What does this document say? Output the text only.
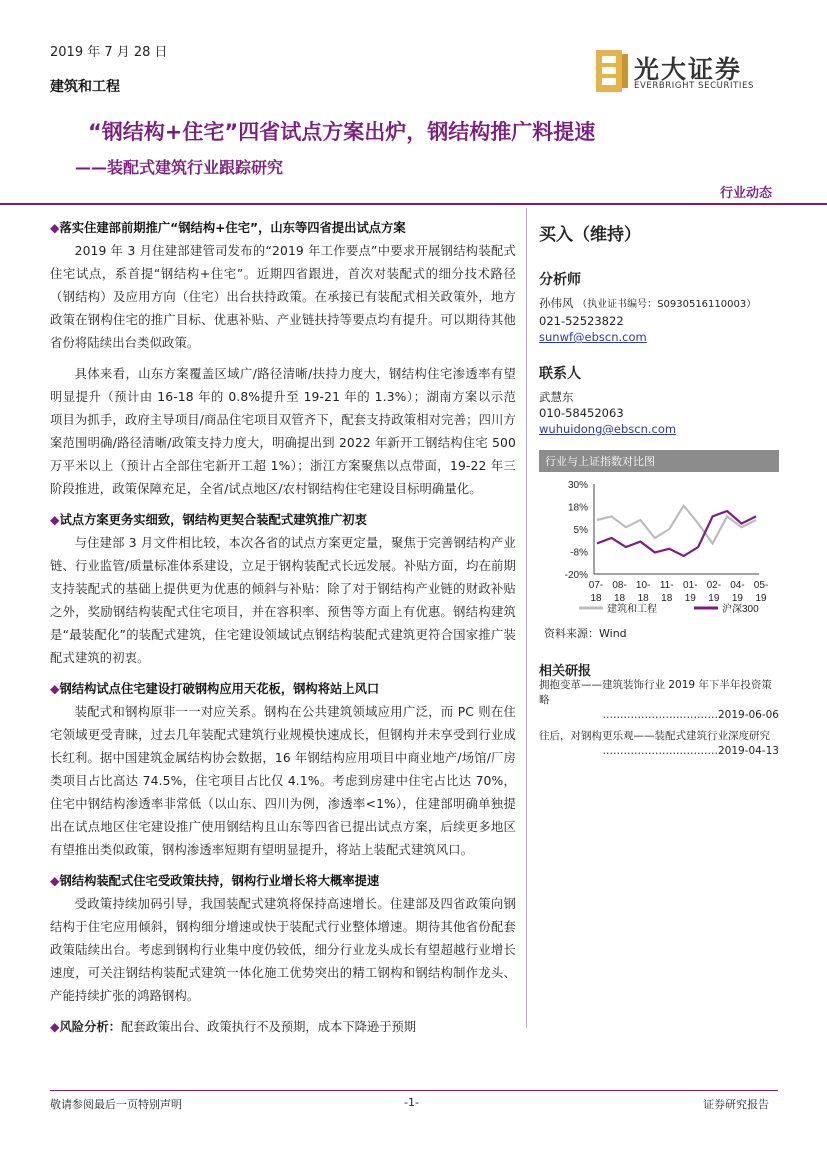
2019 年 7 月 28 日
建筑和工程
光大证券
EVERBRIGHT SECURITIES
“钢结构+住宅”四省试点方案出炉，钢结构推广料提速
——装配式建筑行业跟踪研究
行业动态

◆落实住建部前期推广“钢结构+住宅”，山东等四省提出试点方案

2019 年 3 月住建部建管司发布的“2019 年工作要点”中要求开展钢结构装配式住宅试点，系首提“钢结构+住宅”。近期四省跟进，首次对装配式的细分技术路径（钢结构）及应用方向（住宅）出台扶持政策。在承接已有装配式相关政策外，地方政策在钢构住宅的推广目标、优惠补贴、产业链扶持等要点均有提升。可以期待其他省份将陆续出台类似政策。

具体来看，山东方案覆盖区域广/路径清晰/扶持力度大，钢结构住宅渗透率有望明显提升（预计由 16-18 年的 0.8%提升至 19-21 年的 1.3%）；湖南方案以示范项目为抓手，政府主导项目/商品住宅项目双管齐下，配套支持政策相对完善；四川方案范围明确/路径清晰/政策支持力度大，明确提出到 2022 年新开工钢结构住宅 500 万平米以上（预计占全部住宅新开工超 1%）；浙江方案聚焦以点带面，19-22 年三阶段推进，政策保障充足，全省/试点地区/农村钢结构住宅建设目标明确量化。

◆试点方案更务实细致，钢结构更契合装配式建筑推广初衷

与住建部 3 月文件相比较，本次各省的试点方案更定量，聚焦于完善钢结构产业链、行业监管/质量标准体系建设，立足于钢构装配式长远发展。补贴方面，均在前期支持装配式的基础上提供更为优惠的倾斜与补贴：除了对于钢结构产业链的财政补贴之外，奖励钢结构装配式住宅项目，并在容积率、预售等方面上有优惠。钢结构建筑是“最装配化”的装配式建筑，住宅建设领域试点钢结构装配式建筑更符合国家推广装配式建筑的初衷。

◆钢结构试点住宅建设打破钢构应用天花板，钢构将站上风口

装配式和钢构原非一一对应关系。钢构在公共建筑领域应用广泛，而 PC 则在住宅领域更受青睐，过去几年装配式建筑行业规模快速成长，但钢构并未享受到行业成长红利。据中国建筑金属结构协会数据，16 年钢结构应用项目中商业地产/场馆/厂房类项目占比高达 74.5%，住宅项目占比仅 4.1%。考虑到房建中住宅占比达 70%，住宅中钢结构渗透率非常低（以山东、四川为例，渗透率<1%），住建部明确单独提出在试点地区住宅建设推广使用钢结构且山东等四省已提出试点方案，后续更多地区有望推出类似政策，钢构渗透率短期有望明显提升，将站上装配式建筑风口。

◆钢结构装配式住宅受政策扶持，钢构行业增长将大概率提速

受政策持续加码引导，我国装配式建筑将保持高速增长。住建部及四省政策向钢结构于住宅应用倾斜，钢构细分增速或快于装配式行业整体增速。期待其他省份配套政策陆续出台。考虑到钢构行业集中度仍较低，细分行业龙头成长有望超越行业增长速度，可关注钢结构装配式建筑一体化施工优势突出的精工钢构和钢结构制作龙头、产能持续扩张的鸿路钢构。

◆风险分析：配套政策出台、政策执行不及预期，成本下降逊于预期

买入（维持）
分析师
孙伟风 （执业证书编号：S0930516110003）
021-52523822
sunwf@ebscn.com
联系人
武慧东
010-58452063
wuhuidong@ebscn.com
行业与上证指数对比图
30%
18%
5%
-8%
-20%
07-
18
08-
18
10-
18
11-
18
01-
19
02-
19
04-
19
05-
19
建筑和工程	沪深300
资料来源：Wind
相关研报
拥抱变革——建筑装饰行业 2019 年下半年投资策略
……………………………2019-06-06
往后，对钢构更乐观——装配式建筑行业深度研究
……………………………2019-04-13
敬请参阅最后一页特别声明	-1-	证券研究报告
